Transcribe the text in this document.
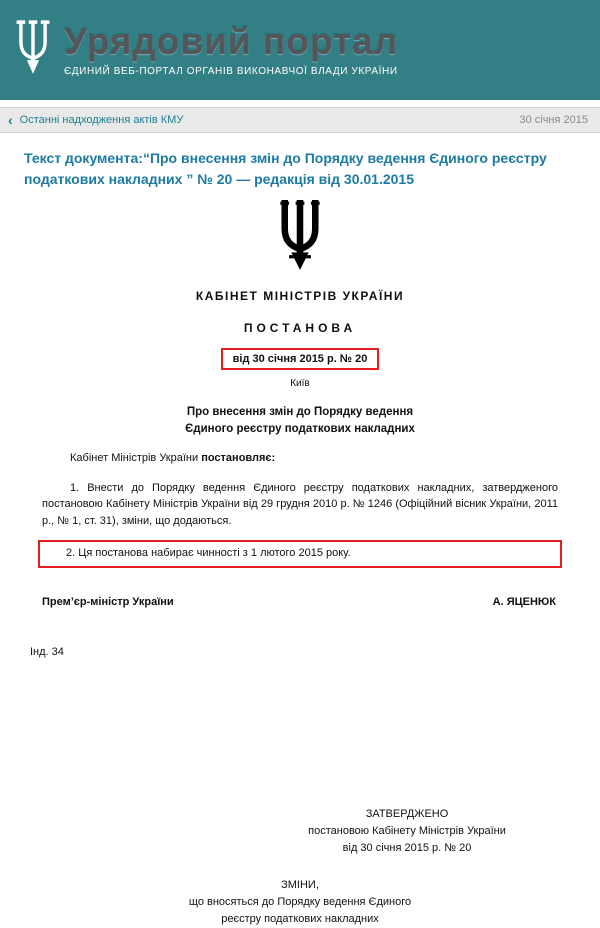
Урядовий портал
ЄДИНИЙ ВЕБ-ПОРТАЛ ОРГАНІВ ВИКОНАВЧОЇ ВЛАДИ УКРАЇНИ
‹ Останні надходження актів КМУ	30 січня 2015
Текст документа:“Про внесення змін до Порядку ведення Єдиного реєстру податкових накладних ” № 20 — редакція від 30.01.2015
КАБІНЕТ МІНІСТРІВ УКРАЇНИ
ПОСТАНОВА
від 30 січня 2015 р. № 20
Київ
Про внесення змін до Порядку ведення
Єдиного реєстру податкових накладних

Кабінет Міністрів України постановляє:

1. Внести до Порядку ведення Єдиного реєстру податкових накладних, затвердженого постановою Кабінету Міністрів України від 29 грудня 2010 р. № 1246 (Офіційний вісник України, 2011 р., № 1, ст. 31), зміни, що додаються.

2. Ця постанова набирає чинності з 1 лютого 2015 року.

Прем’єр-міністр України	А. ЯЦЕНЮК
Інд. 34
ЗАТВЕРДЖЕНО
постановою Кабінету Міністрів України
від 30 січня 2015 р. № 20
ЗМІНИ,
що вносяться до Порядку ведення Єдиного
реєстру податкових накладних
